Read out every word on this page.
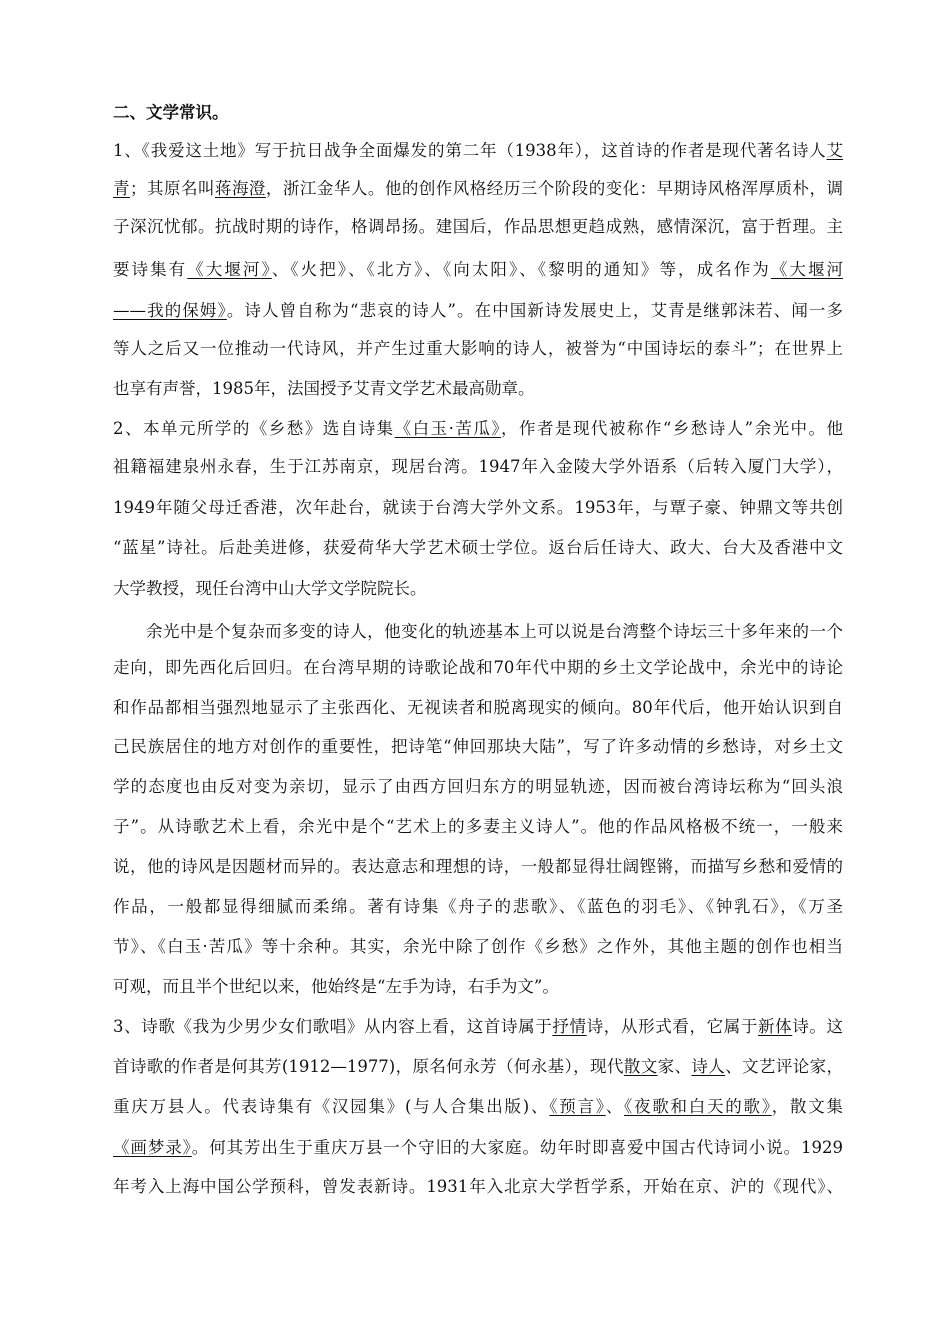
二、文学常识。
1、《我爱这土地》写于抗日战争全面爆发的第二年（1938年），这首诗的作者是现代著名诗人艾
青；其原名叫蒋海澄，浙江金华人。他的创作风格经历三个阶段的变化：早期诗风格浑厚质朴，调
子深沉忧郁。抗战时期的诗作，格调昂扬。建国后，作品思想更趋成熟，感情深沉，富于哲理。主
要诗集有《大堰河》、《火把》、《北方》、《向太阳》、《黎明的通知》等，成名作为《大堰河
——我的保姆》。诗人曾自称为“悲哀的诗人”。在中国新诗发展史上，艾青是继郭沫若、闻一多
等人之后又一位推动一代诗风，并产生过重大影响的诗人，被誉为“中国诗坛的泰斗”；在世界上
也享有声誉，1985年，法国授予艾青文学艺术最高勋章。
2、本单元所学的《乡愁》选自诗集《白玉·苦瓜》，作者是现代被称作“乡愁诗人”余光中。他
祖籍福建泉州永春，生于江苏南京，现居台湾。1947年入金陵大学外语系（后转入厦门大学），
1949年随父母迁香港，次年赴台，就读于台湾大学外文系。1953年，与覃子豪、钟鼎文等共创
“蓝星”诗社。后赴美进修，获爱荷华大学艺术硕士学位。返台后任诗大、政大、台大及香港中文
大学教授，现任台湾中山大学文学院院长。
余光中是个复杂而多变的诗人，他变化的轨迹基本上可以说是台湾整个诗坛三十多年来的一个
走向，即先西化后回归。在台湾早期的诗歌论战和70年代中期的乡土文学论战中，余光中的诗论
和作品都相当强烈地显示了主张西化、无视读者和脱离现实的倾向。80年代后，他开始认识到自
己民族居住的地方对创作的重要性，把诗笔“伸回那块大陆”，写了许多动情的乡愁诗，对乡土文
学的态度也由反对变为亲切，显示了由西方回归东方的明显轨迹，因而被台湾诗坛称为“回头浪
子”。从诗歌艺术上看，余光中是个“艺术上的多妻主义诗人”。他的作品风格极不统一，一般来
说，他的诗风是因题材而异的。表达意志和理想的诗，一般都显得壮阔铿锵，而描写乡愁和爱情的
作品，一般都显得细腻而柔绵。著有诗集《舟子的悲歌》、《蓝色的羽毛》、《钟乳石》，《万圣
节》、《白玉·苦瓜》等十余种。其实，余光中除了创作《乡愁》之作外，其他主题的创作也相当
可观，而且半个世纪以来，他始终是“左手为诗，右手为文”。
3、诗歌《我为少男少女们歌唱》从内容上看，这首诗属于抒情诗，从形式看，它属于新体诗。这
首诗歌的作者是何其芳(1912—1977)，原名何永芳（何永基），现代散文家、诗人、文艺评论家，
重庆万县人。代表诗集有《汉园集》(与人合集出版)、《预言》、《夜歌和白天的歌》，散文集
《画梦录》。何其芳出生于重庆万县一个守旧的大家庭。幼年时即喜爱中国古代诗词小说。1929
年考入上海中国公学预科，曾发表新诗。1931年入北京大学哲学系，开始在京、沪的《现代》、
